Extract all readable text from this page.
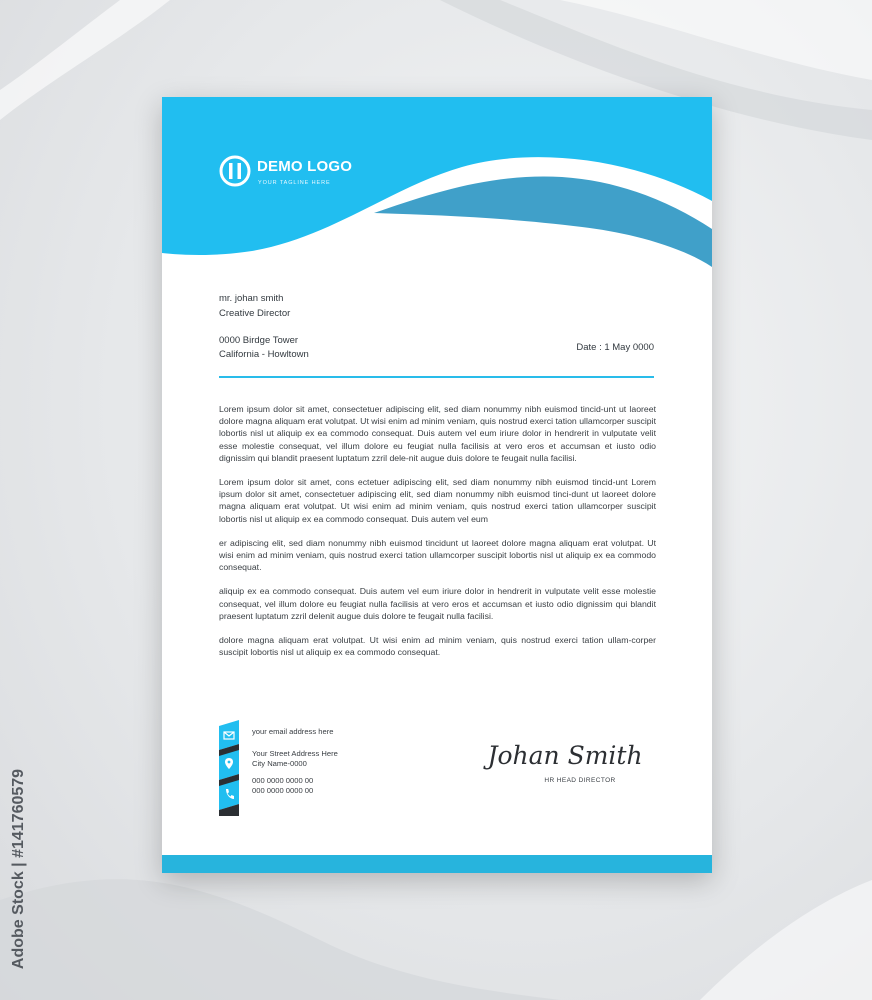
Adobe Stock | #141760579
DEMO LOGO
YOUR TAGLINE HERE
mr. johan smith
Creative Director
0000 Birdge Tower
California - Howltown
Date : 1 May 0000

Lorem ipsum dolor sit amet, consectetuer adipiscing elit, sed diam nonummy nibh euismod tincid-unt ut laoreet dolore magna aliquam erat volutpat. Ut wisi enim ad minim veniam, quis nostrud exerci tation ullamcorper suscipit lobortis nisl ut aliquip ex ea commodo consequat. Duis autem vel eum iriure dolor in hendrerit in vulputate velit esse molestie consequat, vel illum dolore eu feugiat nulla facilisis at vero eros et accumsan et iusto odio dignissim qui blandit praesent luptatum zzril dele-nit augue duis dolore te feugait nulla facilisi.

Lorem ipsum dolor sit amet, cons ectetuer adipiscing elit, sed diam nonummy nibh euismod tincid-unt Lorem ipsum dolor sit amet, consectetuer adipiscing elit, sed diam nonummy nibh euismod tinci-dunt ut laoreet dolore magna aliquam erat volutpat. Ut wisi enim ad minim veniam, quis nostrud exerci tation ullamcorper suscipit lobortis nisl ut aliquip ex ea commodo consequat. Duis autem vel eum

er adipiscing elit, sed diam nonummy nibh euismod tincidunt ut laoreet dolore magna aliquam erat volutpat. Ut wisi enim ad minim veniam, quis nostrud exerci tation ullamcorper suscipit lobortis nisl ut aliquip ex ea commodo consequat.

aliquip ex ea commodo consequat. Duis autem vel eum iriure dolor in hendrerit in vulputate velit esse molestie consequat, vel illum dolore eu feugiat nulla facilisis at vero eros et accumsan et iusto odio dignissim qui blandit praesent luptatum zzril delenit augue duis dolore te feugait nulla facilisi.

dolore magna aliquam erat volutpat. Ut wisi enim ad minim veniam, quis nostrud exerci tation ullam-corper suscipit lobortis nisl ut aliquip ex ea commodo consequat.

your email address here
Your Street Address Here
City Name-0000
000 0000 0000 00
000 0000 0000 00
Johan Smith
HR HEAD DIRECTOR
